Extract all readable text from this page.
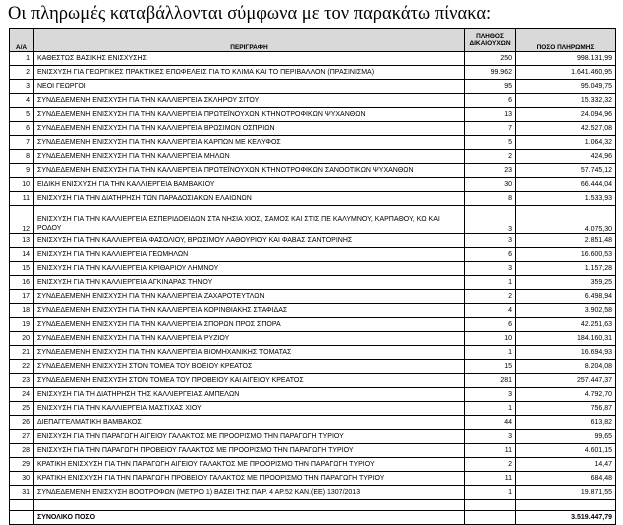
Οι πληρωμές καταβάλλονται σύμφωνα με τον παρακάτω πίνακα:
Α/Α	ΠΕΡΙΓΡΑΦΗ	ΠΛΗΘΟΣ
ΔΙΚΑΙΟΥΧΩΝ	ΠΟΣΟ ΠΛΗΡΩΜΗΣ
1	ΚΑΘΕΣΤΩΣ ΒΑΣΙΚΗΣ ΕΝΙΣΧΥΣΗΣ	250	998.131,99
2	ΕΝΙΣΧΥΣΗ ΓΙΑ ΓΕΩΡΓΙΚΕΣ ΠΡΑΚΤΙΚΕΣ ΕΠΩΦΕΛΕΙΣ ΓΙΑ ΤΟ ΚΛΙΜΑ ΚΑΙ ΤΟ ΠΕΡΙΒΑΛΛΟΝ (ΠΡΑΣΙΝΙΣΜΑ)	99.962	1.641.460,95
3	ΝΕΟΙ ΓΕΩΡΓΟΙ	95	95.049,75
4	ΣΥΝΔΕΔΕΜΕΝΗ ΕΝΙΣΧΥΣΗ ΓΙΑ ΤΗΝ ΚΑΛΛΙΕΡΓΕΙΑ ΣΚΛΗΡΟΥ ΣΙΤΟΥ	6	15.332,32
5	ΣΥΝΔΕΔΕΜΕΝΗ ΕΝΙΣΧΥΣΗ ΓΙΑ ΤΗΝ ΚΑΛΛΙΕΡΓΕΙΑ ΠΡΩΤΕΪΝΟΥΧΩΝ ΚΤΗΝΟΤΡΟΦΙΚΩΝ ΨΥΧΑΝΘΩΝ	13	24.094,96
6	ΣΥΝΔΕΔΕΜΕΝΗ ΕΝΙΣΧΥΣΗ ΓΙΑ ΤΗΝ ΚΑΛΛΙΕΡΓΕΙΑ ΒΡΩΣΙΜΩΝ ΟΣΠΡΙΩΝ	7	42.527,08
7	ΣΥΝΔΕΔΕΜΕΝΗ ΕΝΙΣΧΥΣΗ ΓΙΑ ΤΗΝ ΚΑΛΛΙΕΡΓΕΙΑ ΚΑΡΠΩΝ ΜΕ ΚΕΛΥΦΟΣ	5	1.064,32
8	ΣΥΝΔΕΔΕΜΕΝΗ ΕΝΙΣΧΥΣΗ ΓΙΑ ΤΗΝ ΚΑΛΛΙΕΡΓΕΙΑ ΜΗΛΩΝ	2	424,96
9	ΣΥΝΔΕΔΕΜΕΝΗ ΕΝΙΣΧΥΣΗ ΓΙΑ ΤΗΝ ΚΑΛΛΙΕΡΓΕΙΑ ΠΡΩΤΕΪΝΟΥΧΩΝ ΚΤΗΝΟΤΡΟΦΙΚΩΝ ΣΑΝΟΟΤΙΚΩΝ ΨΥΧΑΝΘΩΝ	23	57.745,12
10	ΕΙΔΙΚΗ ΕΝΙΣΧΥΣΗ ΓΙΑ ΤΗΝ ΚΑΛΛΙΕΡΓΕΙΑ ΒΑΜΒΑΚΙΟΥ	30	66.444,04
11	ΕΝΙΣΧΥΣΗ ΓΙΑ ΤΗΝ ΔΙΑΤΗΡΗΣΗ ΤΩΝ ΠΑΡΑΔΟΣΙΑΚΩΝ ΕΛΑΙΩΝΩΝ	8	1.533,93
12	ΕΝΙΣΧΥΣΗ ΓΙΑ ΤΗΝ ΚΑΛΛΙΕΡΓΕΙΑ ΕΣΠΕΡΙΔΟΕΙΔΩΝ ΣΤΑ ΝΗΣΙΑ ΧΙΟΣ, ΣΑΜΟΣ ΚΑΙ ΣΤΙΣ ΠΕ ΚΑΛΥΜΝΟΥ, ΚΑΡΠΑΘΟΥ, ΚΩ ΚΑΙ ΡΟΔΟΥ	3	4.075,30
13	ΕΝΙΣΧΥΣΗ ΓΙΑ ΤΗΝ ΚΑΛΛΙΕΡΓΕΙΑ ΦΑΣΟΛΙΟΥ, ΒΡΩΣΙΜΟΥ ΛΑΘΟΥΡΙΟΥ ΚΑΙ ΦΑΒΑΣ ΣΑΝΤΟΡΙΝΗΣ	3	2.851,48
14	ΕΝΙΣΧΥΣΗ ΓΙΑ ΤΗΝ ΚΑΛΛΙΕΡΓΕΙΑ ΓΕΩΜΗΛΩΝ	6	16.600,53
15	ΕΝΙΣΧΥΣΗ ΓΙΑ ΤΗΝ ΚΑΛΛΙΕΡΓΕΙΑ ΚΡΙΘΑΡΙΟΥ ΛΗΜΝΟΥ	3	1.157,28
16	ΕΝΙΣΧΥΣΗ ΓΙΑ ΤΗΝ ΚΑΛΛΙΕΡΓΕΙΑ ΑΓΚΙΝΑΡΑΣ ΤΗΝΟΥ	1	359,25
17	ΣΥΝΔΕΔΕΜΕΝΗ ΕΝΙΣΧΥΣΗ ΓΙΑ ΤΗΝ ΚΑΛΛΙΕΡΓΕΙΑ ΖΑΧΑΡΟΤΕΥΤΛΩΝ	2	6.498,94
18	ΣΥΝΔΕΔΕΜΕΝΗ ΕΝΙΣΧΥΣΗ ΓΙΑ ΤΗΝ ΚΑΛΛΙΕΡΓΕΙΑ ΚΟΡΙΝΘΙΑΚΗΣ ΣΤΑΦΙΔΑΣ	4	3.902,58
19	ΣΥΝΔΕΔΕΜΕΝΗ ΕΝΙΣΧΥΣΗ ΓΙΑ ΤΗΝ ΚΑΛΛΙΕΡΓΕΙΑ ΣΠΟΡΩΝ ΠΡΟΣ ΣΠΟΡΑ	6	42.251,63
20	ΣΥΝΔΕΔΕΜΕΝΗ ΕΝΙΣΧΥΣΗ ΓΙΑ ΤΗΝ ΚΑΛΛΙΕΡΓΕΙΑ ΡΥΖΙΟΥ	10	184.160,31
21	ΣΥΝΔΕΔΕΜΕΝΗ ΕΝΙΣΧΥΣΗ ΓΙΑ ΤΗΝ ΚΑΛΛΙΕΡΓΕΙΑ ΒΙΟΜΗΧΑΝΙΚΗΣ ΤΟΜΑΤΑΣ	1	16.694,93
22	ΣΥΝΔΕΔΕΜΕΝΗ ΕΝΙΣΧΥΣΗ ΣΤΟΝ ΤΟΜΕΑ ΤΟΥ ΒΟΕΙΟΥ ΚΡΕΑΤΟΣ	15	8.204,08
23	ΣΥΝΔΕΔΕΜΕΝΗ ΕΝΙΣΧΥΣΗ ΣΤΟΝ ΤΟΜΕΑ ΤΟΥ ΠΡΟΒΕΙΟΥ ΚΑΙ ΑΙΓΕΙΟΥ ΚΡΕΑΤΟΣ	281	257.447,37
24	ΕΝΙΣΧΥΣΗ ΓΙΑ ΤΗ ΔΙΑΤΗΡΗΣΗ ΤΗΣ ΚΑΛΛΙΕΡΓΕΙΑΣ ΑΜΠΕΛΩΝ	3	4.792,70
25	ΕΝΙΣΧΥΣΗ ΓΙΑ ΤΗΝ ΚΑΛΛΙΕΡΓΕΙΑ ΜΑΣΤΙΧΑΣ ΧΙΟΥ	1	756,87
26	ΔΙΕΠΑΓΓΕΛΜΑΤΙΚΗ ΒΑΜΒΑΚΟΣ	44	613,82
27	ΕΝΙΣΧΥΣΗ ΓΙΑ ΤΗΝ ΠΑΡΑΓΩΓΗ ΑΙΓΕΙΟΥ ΓΑΛΑΚΤΟΣ ΜΕ ΠΡΟΟΡΙΣΜΟ ΤΗΝ ΠΑΡΑΓΩΓΗ ΤΥΡΙΟΥ	3	99,65
28	ΕΝΙΣΧΥΣΗ ΓΙΑ ΤΗΝ ΠΑΡΑΓΩΓΗ ΠΡΟΒΕΙΟΥ ΓΑΛΑΚΤΟΣ ΜΕ ΠΡΟΟΡΙΣΜΟ ΤΗΝ ΠΑΡΑΓΩΓΗ ΤΥΡΙΟΥ	11	4.601,15
29	ΚΡΑΤΙΚΗ ΕΝΙΣΧΥΣΗ ΓΙΑ ΤΗΝ ΠΑΡΑΓΩΓΗ ΑΙΓΕΙΟΥ ΓΑΛΑΚΤΟΣ ΜΕ ΠΡΟΟΡΙΣΜΟ ΤΗΝ ΠΑΡΑΓΩΓΗ ΤΥΡΙΟΥ	2	14,47
30	ΚΡΑΤΙΚΗ ΕΝΙΣΧΥΣΗ ΓΙΑ ΤΗΝ ΠΑΡΑΓΩΓΗ ΠΡΟΒΕΙΟΥ ΓΑΛΑΚΤΟΣ ΜΕ ΠΡΟΟΡΙΣΜΟ ΤΗΝ ΠΑΡΑΓΩΓΗ ΤΥΡΙΟΥ	11	684,48
31	ΣΥΝΔΕΔΕΜΕΝΗ ΕΝΙΣΧΥΣΗ ΒΟΟΤΡΟΦΩΝ (ΜΕΤΡΟ 1) ΒΑΣΕΙ ΤΗΣ ΠΑΡ. 4 ΑΡ.52 ΚΑΝ.(ΕΕ) 1307/2013	1	19.871,55

	ΣΥΝΟΛΙΚΟ ΠΟΣΟ		3.519.447,79
